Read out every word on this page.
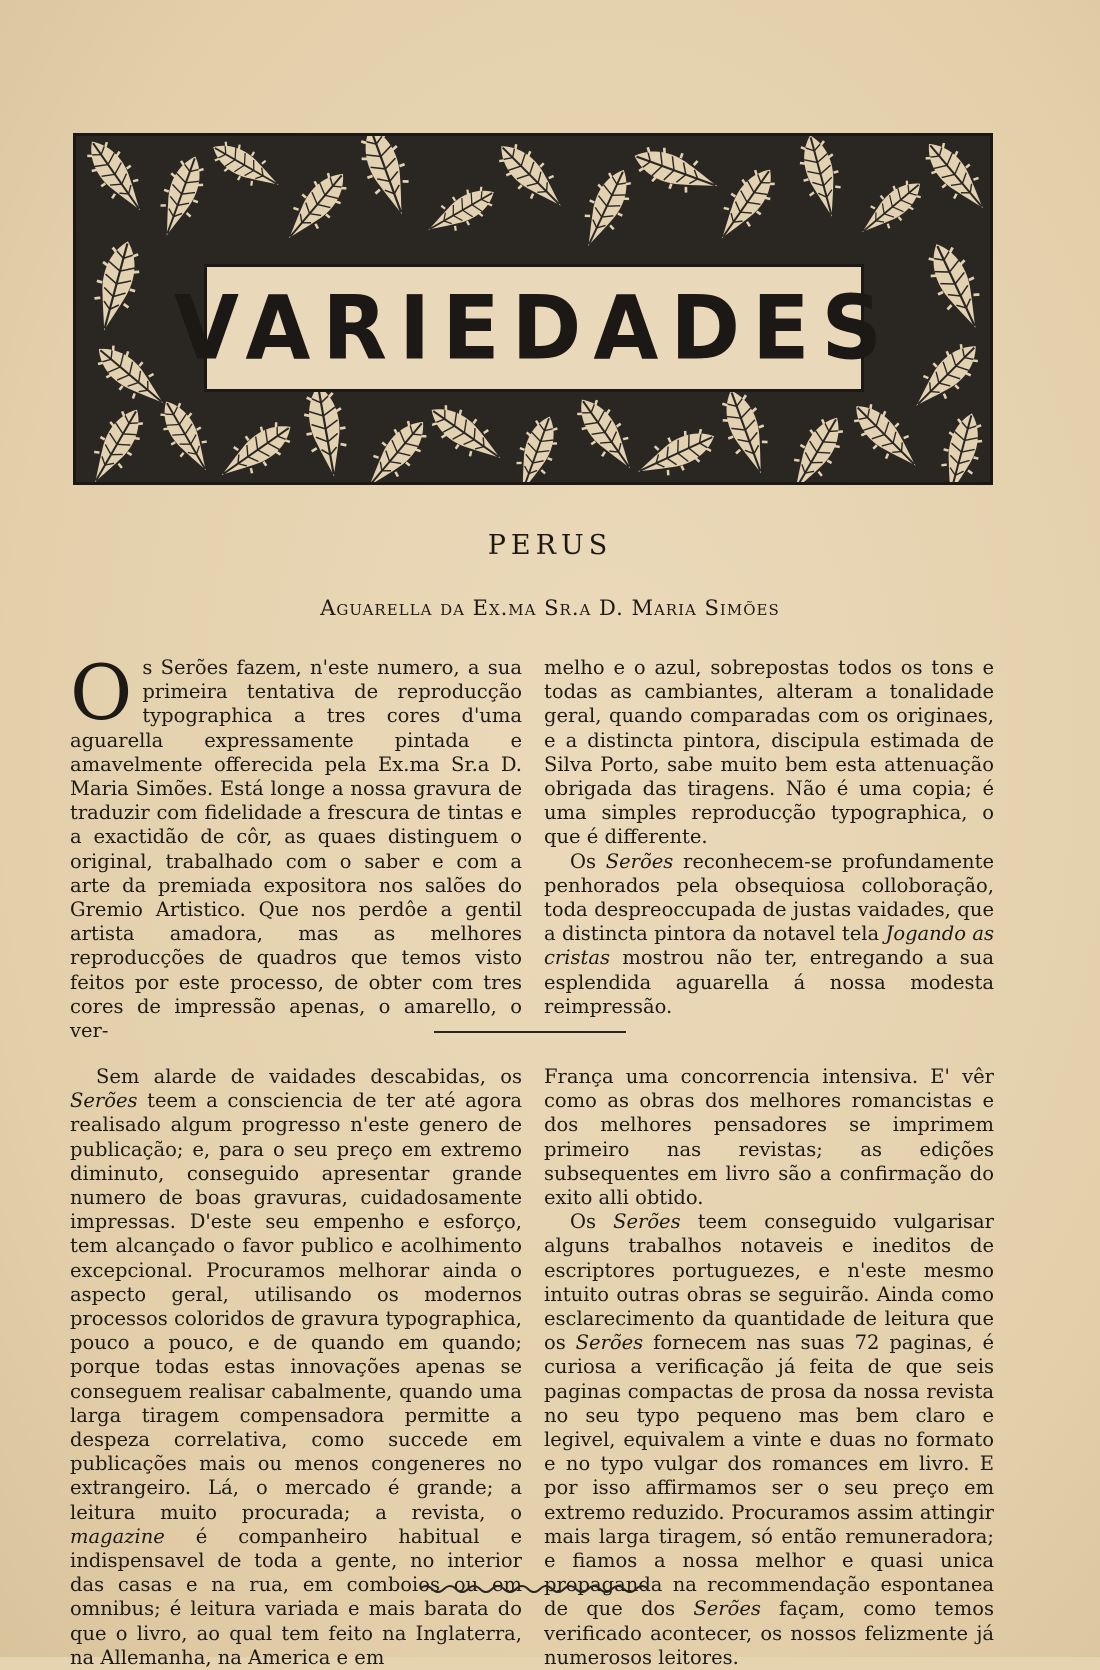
VARIEDADES
PERUS
Aguarella da Ex.ma Sr.a D. Maria Simões

Os Serões fazem, n'este numero, a sua primeira tentativa de reproducção typographica a tres cores d'uma aguarella expressamente pintada e amavelmente offerecida pela Ex.ma Sr.a D. Maria Simões. Está longe a nossa gravura de traduzir com fidelidade a frescura de tintas e a exactidão de côr, as quaes distinguem o original, trabalhado com o saber e com a arte da premiada expositora nos salões do Gremio Artistico. Que nos perdôe a gentil artista amadora, mas as melhores reproducções de quadros que temos visto feitos por este processo, de obter com tres cores de impressão apenas, o amarello, o ver-

melho e o azul, sobrepostas todos os tons e todas as cambiantes, alteram a tonalidade geral, quando comparadas com os originaes, e a distincta pintora, discipula estimada de Silva Porto, sabe muito bem esta attenuação obrigada das tiragens. Não é uma copia; é uma simples reproducção typographica, o que é differente.

Os Serões reconhecem-se profundamente penhorados pela obsequiosa colloboração, toda despreoccupada de justas vaidades, que a distincta pintora da notavel tela Jogando as cristas mostrou não ter, entregando a sua esplendida aguarella á nossa modesta reimpressão.

Sem alarde de vaidades descabidas, os Serões teem a consciencia de ter até agora realisado algum progresso n'este genero de publicação; e, para o seu preço em extremo diminuto, conseguido apresentar grande numero de boas gravuras, cuidadosamente impressas. D'este seu empenho e esforço, tem alcançado o favor publico e acolhimento excepcional. Procuramos melhorar ainda o aspecto geral, utilisando os modernos processos coloridos de gravura typographica, pouco a pouco, e de quando em quando; porque todas estas innovações apenas se conseguem realisar cabalmente, quando uma larga tiragem compensadora permitte a despeza correlativa, como succede em publicações mais ou menos congeneres no extrangeiro. Lá, o mercado é grande; a leitura muito procurada; a revista, o magazine é companheiro habitual e indispensavel de toda a gente, no interior das casas e na rua, em comboios ou em omnibus; é leitura variada e mais barata do que o livro, ao qual tem feito na Inglaterra, na Allemanha, na America e em

França uma concorrencia intensiva. E' vêr como as obras dos melhores romancistas e dos melhores pensadores se imprimem primeiro nas revistas; as edições subsequentes em livro são a confirmação do exito alli obtido.

Os Serões teem conseguido vulgarisar alguns trabalhos notaveis e ineditos de escriptores portuguezes, e n'este mesmo intuito outras obras se seguirão. Ainda como esclarecimento da quantidade de leitura que os Serões fornecem nas suas 72 paginas, é curiosa a verificação já feita de que seis paginas compactas de prosa da nossa revista no seu typo pequeno mas bem claro e legivel, equivalem a vinte e duas no formato e no typo vulgar dos romances em livro. E por isso affirmamos ser o seu preço em extremo reduzido. Procuramos assim attingir mais larga tiragem, só então remuneradora; e fiamos a nossa melhor e quasi unica propaganda na recommendação espontanea de que dos Serões façam, como temos verificado acontecer, os nossos felizmente já numerosos leitores.
